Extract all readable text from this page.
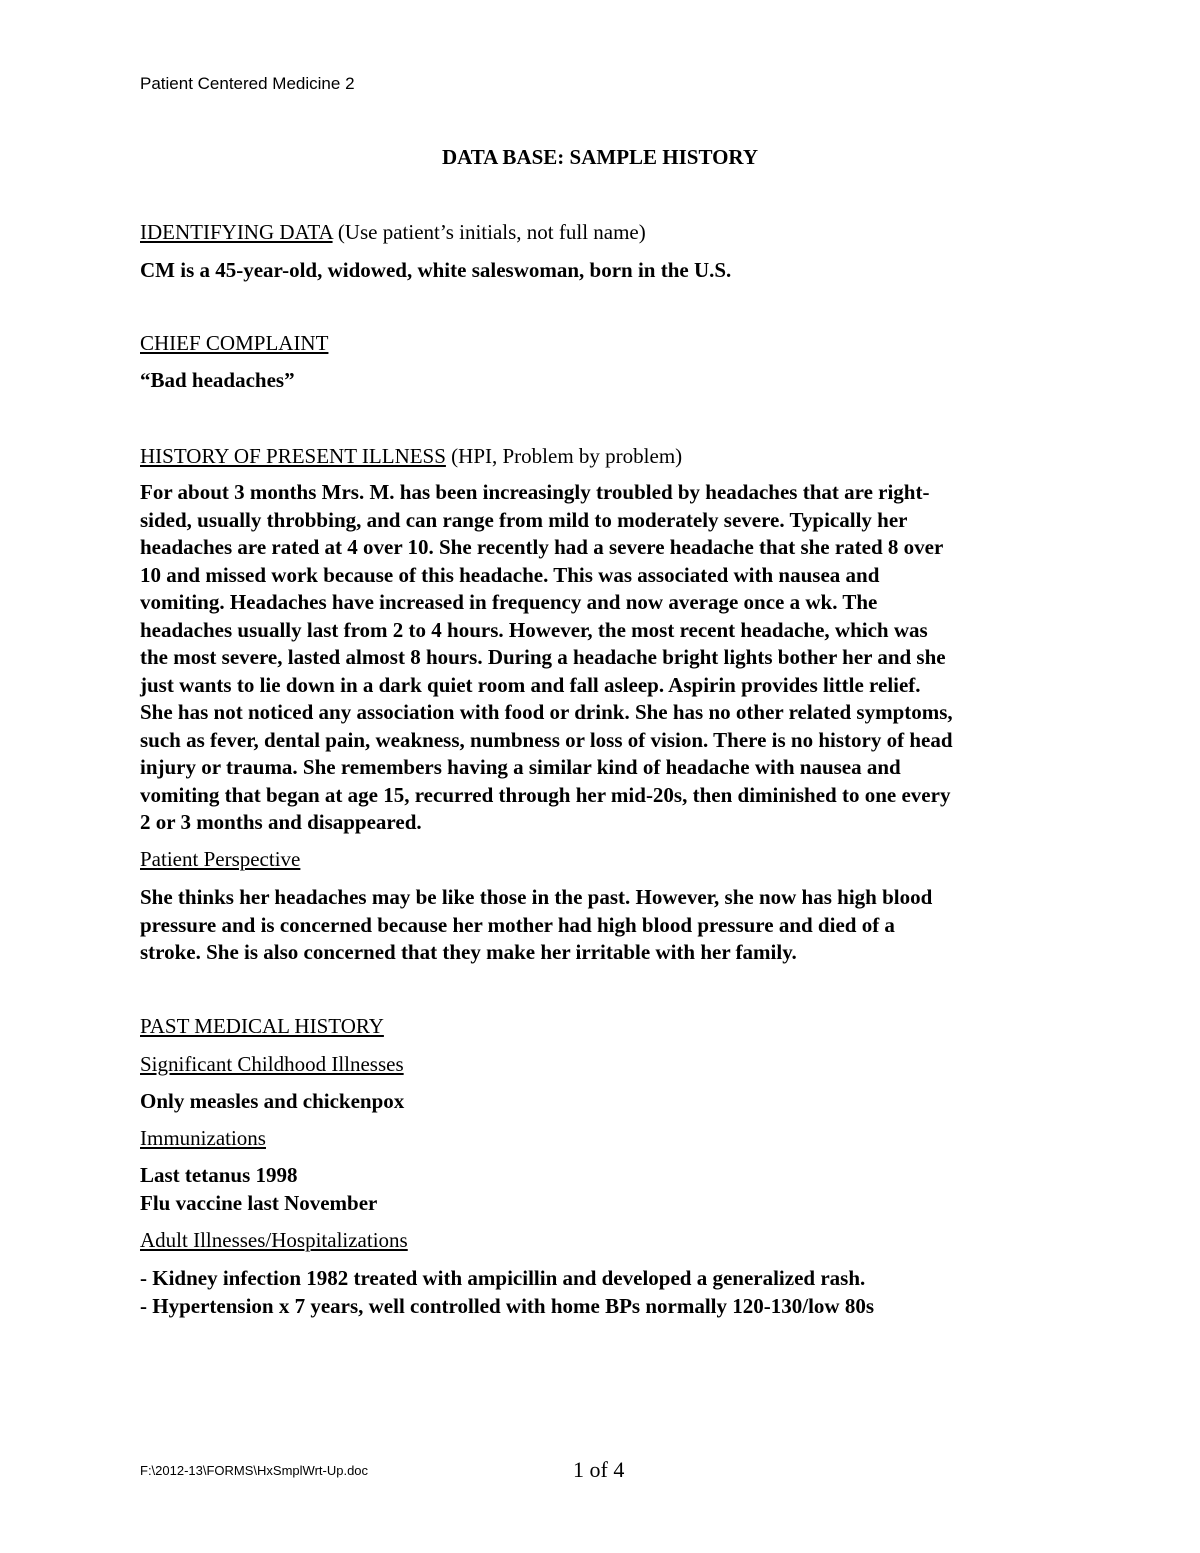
Patient Centered Medicine 2
DATA BASE: SAMPLE HISTORY
IDENTIFYING DATA (Use patient’s initials, not full name)
CM is a 45-year-old, widowed, white saleswoman, born in the U.S.
CHIEF COMPLAINT
“Bad headaches”
HISTORY OF PRESENT ILLNESS (HPI, Problem by problem)
For about 3 months Mrs. M. has been increasingly troubled by headaches that are right-
sided, usually throbbing, and can range from mild to moderately severe. Typically her
headaches are rated at 4 over 10. She recently had a severe headache that she rated 8 over
10 and missed work because of this headache. This was associated with nausea and
vomiting. Headaches have increased in frequency and now average once a wk. The
headaches usually last from 2 to 4 hours. However, the most recent headache, which was
the most severe, lasted almost 8 hours. During a headache bright lights bother her and she
just wants to lie down in a dark quiet room and fall asleep. Aspirin provides little relief.
She has not noticed any association with food or drink. She has no other related symptoms,
such as fever, dental pain, weakness, numbness or loss of vision. There is no history of head
injury or trauma. She remembers having a similar kind of headache with nausea and
vomiting that began at age 15, recurred through her mid-20s, then diminished to one every
2 or 3 months and disappeared.
Patient Perspective
She thinks her headaches may be like those in the past. However, she now has high blood
pressure and is concerned because her mother had high blood pressure and died of a
stroke. She is also concerned that they make her irritable with her family.
PAST MEDICAL HISTORY
Significant Childhood Illnesses
Only measles and chickenpox
Immunizations
Last tetanus 1998
Flu vaccine last November
Adult Illnesses/Hospitalizations
- Kidney infection 1982 treated with ampicillin and developed a generalized rash.
- Hypertension x 7 years, well controlled with home BPs normally 120-130/low 80s
F:\2012-13\FORMS\HxSmplWrt-Up.doc	1 of 4
